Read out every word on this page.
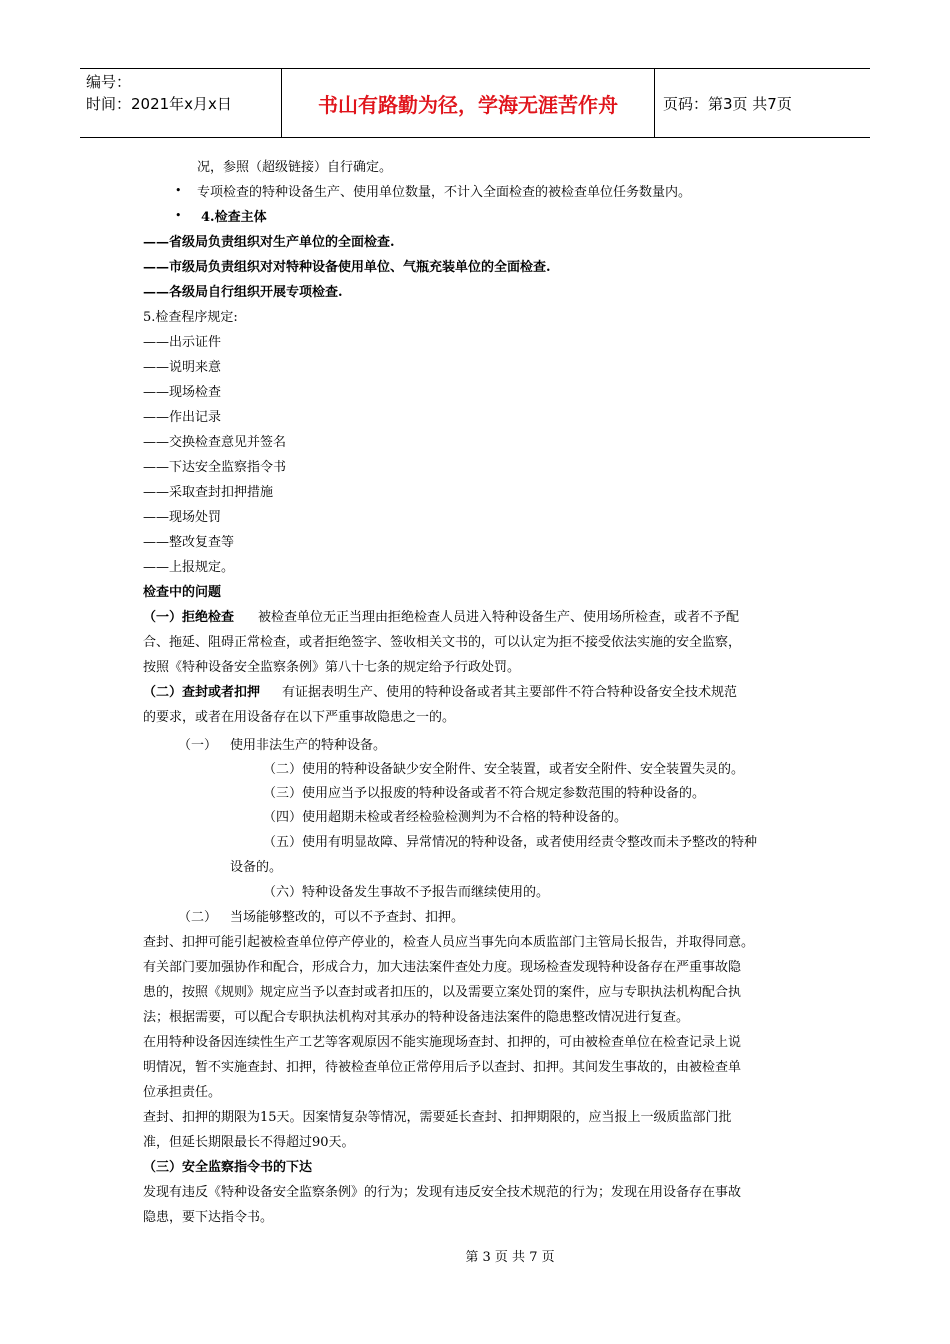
编号：
时间：2021年x月x日	书山有路勤为径，学海无涯苦作舟	页码：第3页 共7页
况，参照（超级链接）自行确定。
• 专项检查的特种设备生产、使用单位数量，不计入全面检查的被检查单位任务数量内。
• 4.检查主体
——省级局负责组织对生产单位的全面检查.
——市级局负责组织对对特种设备使用单位、气瓶充装单位的全面检查.
——各级局自行组织开展专项检查.
5.检查程序规定:
——出示证件
——说明来意
——现场检查
——作出记录
——交换检查意见并签名
——下达安全监察指令书
——采取查封扣押措施
——现场处罚
——整改复查等
——上报规定。
检查中的问题
（一）拒绝检查 被检查单位无正当理由拒绝检查人员进入特种设备生产、使用场所检查，或者不予配
合、拖延、阻碍正常检查，或者拒绝签字、签收相关文书的，可以认定为拒不接受依法实施的安全监察，
按照《特种设备安全监察条例》第八十七条的规定给予行政处罚。
（二）查封或者扣押 有证据表明生产、使用的特种设备或者其主要部件不符合特种设备安全技术规范
的要求，或者在用设备存在以下严重事故隐患之一的。
（一） 使用非法生产的特种设备。
（二）使用的特种设备缺少安全附件、安全装置，或者安全附件、安全装置失灵的。
（三）使用应当予以报废的特种设备或者不符合规定参数范围的特种设备的。
（四）使用超期未检或者经检验检测判为不合格的特种设备的。
（五）使用有明显故障、异常情况的特种设备，或者使用经责令整改而未予整改的特种
设备的。
（六）特种设备发生事故不予报告而继续使用的。
（二） 当场能够整改的，可以不予查封、扣押。
查封、扣押可能引起被检查单位停产停业的，检查人员应当事先向本质监部门主管局长报告，并取得同意。
有关部门要加强协作和配合，形成合力，加大违法案件查处力度。现场检查发现特种设备存在严重事故隐
患的，按照《规则》规定应当予以查封或者扣压的，以及需要立案处罚的案件，应与专职执法机构配合执
法；根据需要，可以配合专职执法机构对其承办的特种设备违法案件的隐患整改情况进行复查。
在用特种设备因连续性生产工艺等客观原因不能实施现场查封、扣押的，可由被检查单位在检查记录上说
明情况，暂不实施查封、扣押，待被检查单位正常停用后予以查封、扣押。其间发生事故的，由被检查单
位承担责任。
查封、扣押的期限为15天。因案情复杂等情况，需要延长查封、扣押期限的，应当报上一级质监部门批
准，但延长期限最长不得超过90天。
（三）安全监察指令书的下达
发现有违反《特种设备安全监察条例》的行为；发现有违反安全技术规范的行为；发现在用设备存在事故
隐患，要下达指令书。
第 3 页 共 7 页
